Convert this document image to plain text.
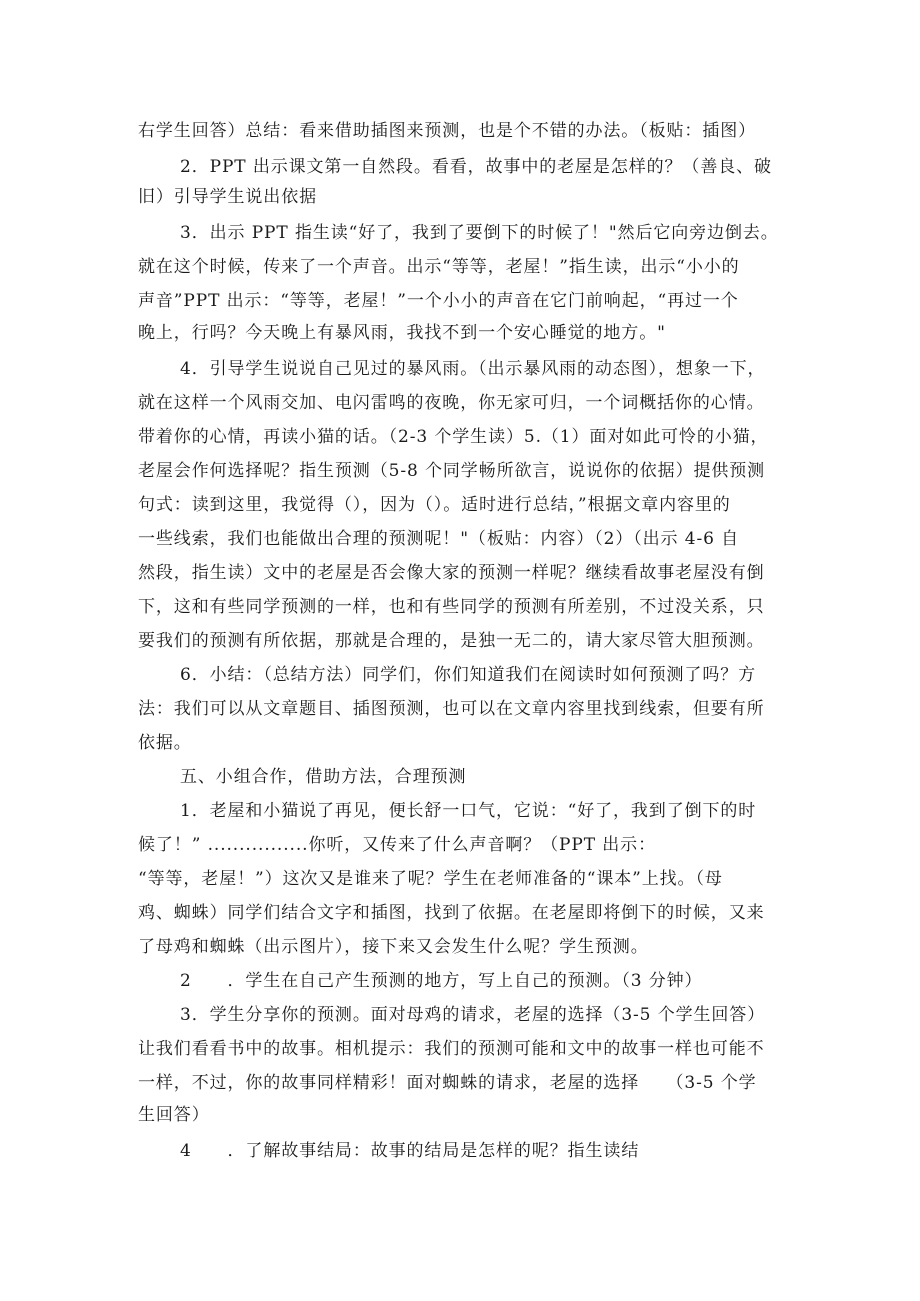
右学生回答）总结：看来借助插图来预测，也是个不错的办法。（板贴：插图）
2．PPT 出示课文第一自然段。看看，故事中的老屋是怎样的？（善良、破
旧）引导学生说出依据
3．出示 PPT 指生读“好了，我到了要倒下的时候了！"然后它向旁边倒去。
就在这个时候，传来了一个声音。出示“等等，老屋！”指生读，出示“小小的
声音”PPT 出示：“等等，老屋！”一个小小的声音在它门前响起，“再过一个
晚上，行吗？今天晚上有暴风雨，我找不到一个安心睡觉的地方。"
4．引导学生说说自己见过的暴风雨。（出示暴风雨的动态图），想象一下，
就在这样一个风雨交加、电闪雷鸣的夜晚，你无家可归，一个词概括你的心情。
带着你的心情，再读小猫的话。（2-3 个学生读）5.（1）面对如此可怜的小猫，
老屋会作何选择呢？指生预测（5-8 个同学畅所欲言，说说你的依据）提供预测
句式：读到这里，我觉得（），因为（）。适时进行总结，”根据文章内容里的
一些线索，我们也能做出合理的预测呢！"（板贴：内容）（2）（出示 4-6 自
然段，指生读）文中的老屋是否会像大家的预测一样呢？继续看故事老屋没有倒
下，这和有些同学预测的一样，也和有些同学的预测有所差别，不过没关系，只
要我们的预测有所依据，那就是合理的，是独一无二的，请大家尽管大胆预测。
6．小结：（总结方法）同学们，你们知道我们在阅读时如何预测了吗？方
法：我们可以从文章题目、插图预测，也可以在文章内容里找到线索，但要有所
依据。
五、小组合作，借助方法，合理预测
1．老屋和小猫说了再见，便长舒一口气，它说：“好了，我到了倒下的时
候了！” ................你听，又传来了什么声音啊？（PPT 出示：
“等等，老屋！”）这次又是谁来了呢？学生在老师准备的“课本”上找。（母
鸡、蜘蛛）同学们结合文字和插图，找到了依据。在老屋即将倒下的时候，又来
了母鸡和蜘蛛（出示图片），接下来又会发生什么呢？学生预测。
2　　．学生在自己产生预测的地方，写上自己的预测。（3 分钟）
3．学生分享你的预测。面对母鸡的请求，老屋的选择（3-5 个学生回答）
让我们看看书中的故事。相机提示：我们的预测可能和文中的故事一样也可能不
一样，不过，你的故事同样精彩！面对蜘蛛的请求，老屋的选择　　（3-5 个学
生回答）
4　　．了解故事结局：故事的结局是怎样的呢？指生读结
